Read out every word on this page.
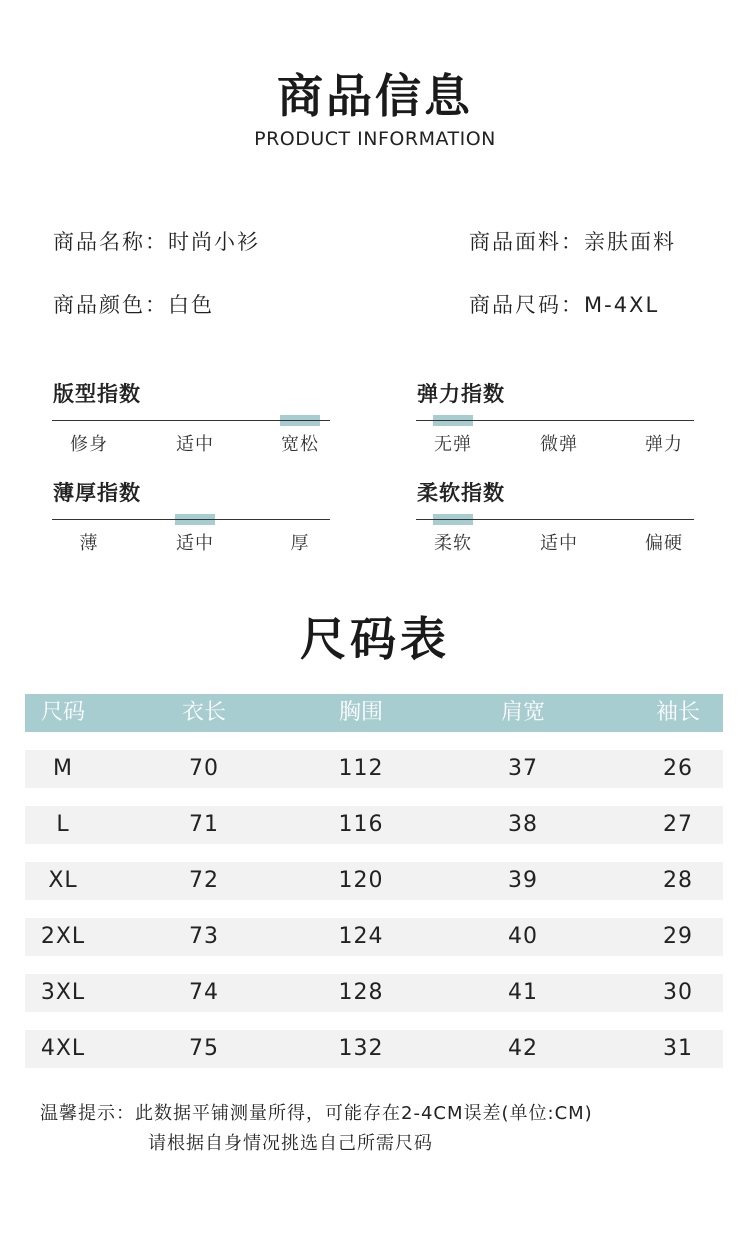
商品信息
PRODUCT INFORMATION
商品名称：时尚小衫	商品面料：亲肤面料
商品颜色：白色	商品尺码：M-4XL
版型指数
修身	适中	宽松
弹力指数
无弹	微弹	弹力
薄厚指数
薄	适中	厚
柔软指数
柔软	适中	偏硬
尺码表
尺码	衣长	胸围	肩宽	袖长
M	70	112	37	26
L	71	116	38	27
XL	72	120	39	28
2XL	73	124	40	29
3XL	74	128	41	30
4XL	75	132	42	31
温馨提示：此数据平铺测量所得，可能存在2-4CM误差(单位:CM)
请根据自身情况挑选自己所需尺码
